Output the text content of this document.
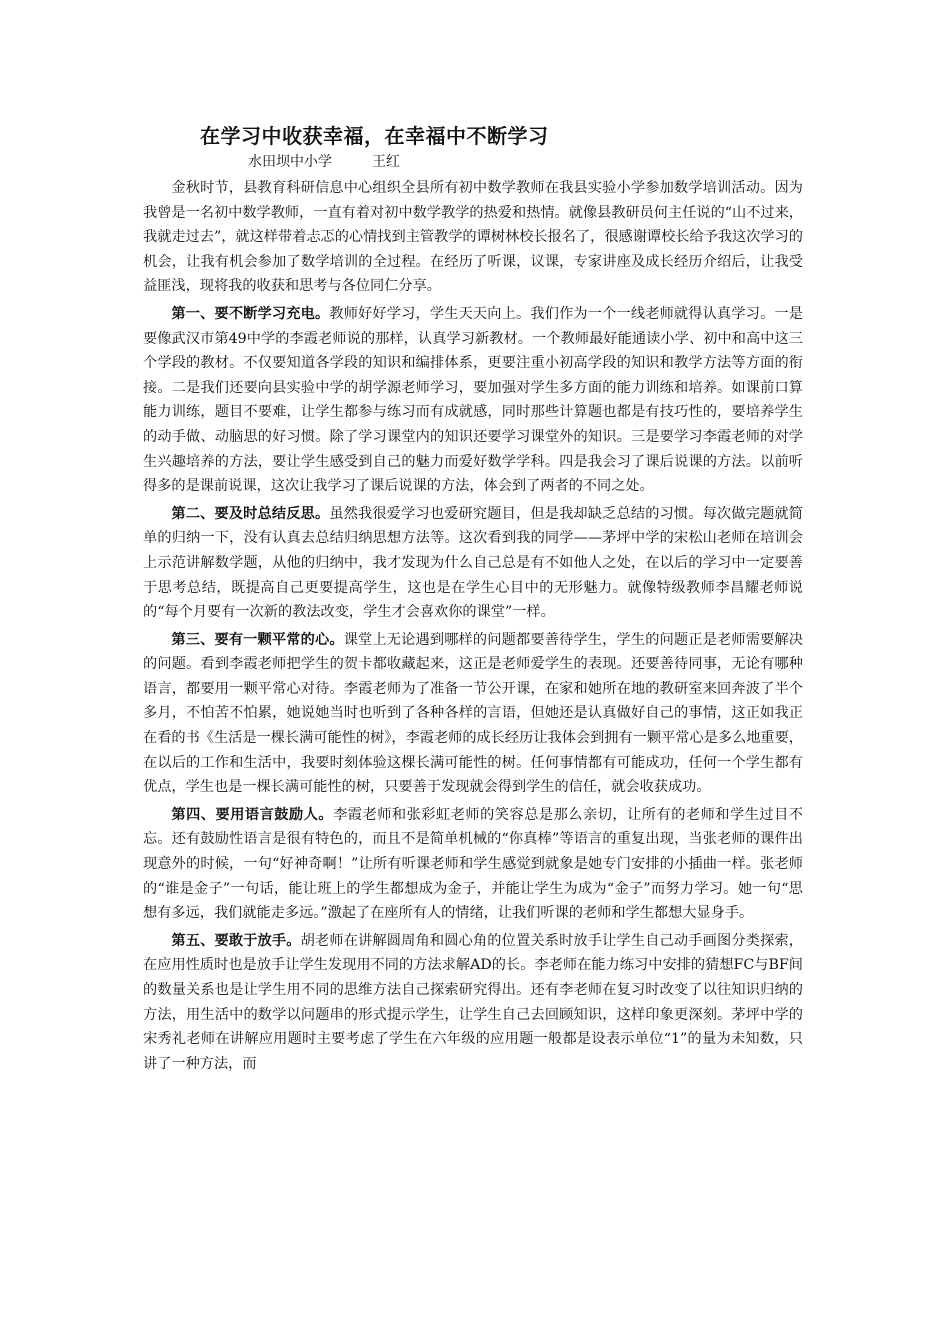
在学习中收获幸福，在幸福中不断学习
水田坝中小学	王红

金秋时节，县教育科研信息中心组织全县所有初中数学教师在我县实验小学参加数学培训活动。因为我曾是一名初中数学教师，一直有着对初中数学教学的热爱和热情。就像县教研员何主任说的“山不过来，我就走过去”，就这样带着忐忑的心情找到主管教学的谭树林校长报名了，很感谢谭校长给予我这次学习的机会，让我有机会参加了数学培训的全过程。在经历了听课，议课，专家讲座及成长经历介绍后，让我受益匪浅，现将我的收获和思考与各位同仁分享。

第一、要不断学习充电。教师好好学习，学生天天向上。我们作为一个一线老师就得认真学习。一是要像武汉市第49中学的李霞老师说的那样，认真学习新教材。一个教师最好能通读小学、初中和高中这三个学段的教材。不仅要知道各学段的知识和编排体系，更要注重小初高学段的知识和教学方法等方面的衔接。二是我们还要向县实验中学的胡学源老师学习，要加强对学生多方面的能力训练和培养。如课前口算能力训练，题目不要难，让学生都参与练习而有成就感，同时那些计算题也都是有技巧性的，要培养学生的动手做、动脑思的好习惯。除了学习课堂内的知识还要学习课堂外的知识。三是要学习李霞老师的对学生兴趣培养的方法，要让学生感受到自己的魅力而爱好数学学科。四是我会习了课后说课的方法。以前听得多的是课前说课，这次让我学习了课后说课的方法，体会到了两者的不同之处。

第二、要及时总结反思。虽然我很爱学习也爱研究题目，但是我却缺乏总结的习惯。每次做完题就简单的归纳一下，没有认真去总结归纳思想方法等。这次看到我的同学——茅坪中学的宋松山老师在培训会上示范讲解数学题，从他的归纳中，我才发现为什么自己总是有不如他人之处，在以后的学习中一定要善于思考总结，既提高自己更要提高学生，这也是在学生心目中的无形魅力。就像特级教师李昌耀老师说的“每个月要有一次新的教法改变，学生才会喜欢你的课堂”一样。

第三、要有一颗平常的心。课堂上无论遇到哪样的问题都要善待学生，学生的问题正是老师需要解决的问题。看到李霞老师把学生的贺卡都收藏起来，这正是老师爱学生的表现。还要善待同事，无论有哪种语言，都要用一颗平常心对待。李霞老师为了准备一节公开课，在家和她所在地的教研室来回奔波了半个多月，不怕苦不怕累，她说她当时也听到了各种各样的言语，但她还是认真做好自己的事情，这正如我正在看的书《生活是一棵长满可能性的树》，李霞老师的成长经历让我体会到拥有一颗平常心是多么地重要，在以后的工作和生活中，我要时刻体验这棵长满可能性的树。任何事情都有可能成功，任何一个学生都有优点，学生也是一棵长满可能性的树，只要善于发现就会得到学生的信任，就会收获成功。

第四、要用语言鼓励人。李霞老师和张彩虹老师的笑容总是那么亲切，让所有的老师和学生过目不忘。还有鼓励性语言是很有特色的，而且不是简单机械的“你真棒”等语言的重复出现，当张老师的课件出现意外的时候，一句“好神奇啊！”让所有听课老师和学生感觉到就象是她专门安排的小插曲一样。张老师的“谁是金子”一句话，能让班上的学生都想成为金子，并能让学生为成为“金子”而努力学习。她一句“思想有多远，我们就能走多远。”激起了在座所有人的情绪，让我们听课的老师和学生都想大显身手。

第五、要敢于放手。胡老师在讲解圆周角和圆心角的位置关系时放手让学生自己动手画图分类探索，在应用性质时也是放手让学生发现用不同的方法求解AD的长。李老师在能力练习中安排的猜想FC与BF间的数量关系也是让学生用不同的思维方法自己探索研究得出。还有李老师在复习时改变了以往知识归纳的方法，用生活中的数学以问题串的形式提示学生，让学生自己去回顾知识，这样印象更深刻。茅坪中学的宋秀礼老师在讲解应用题时主要考虑了学生在六年级的应用题一般都是设表示单位“1”的量为未知数，只讲了一种方法，而
